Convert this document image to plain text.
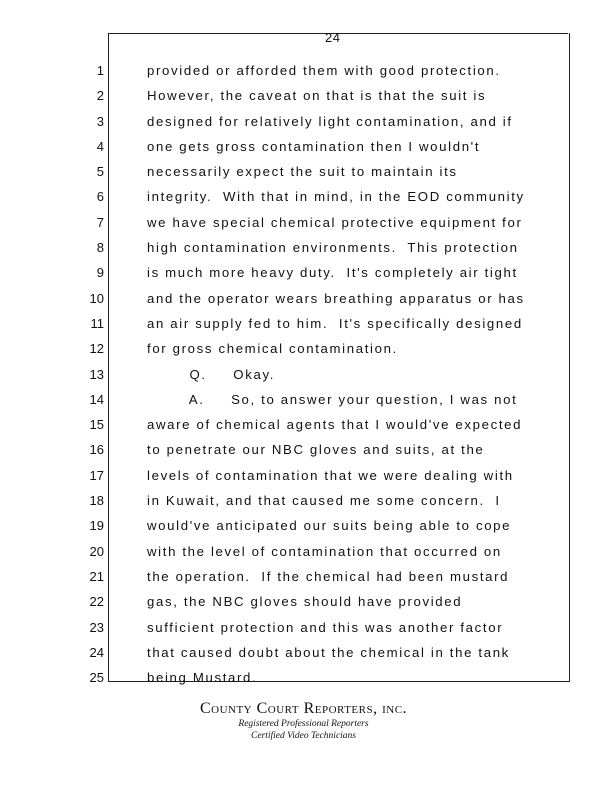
24
1
2
3
4
5
6
7
8
9
10
11
12
13
14
15
16
17
18
19
20
21
22
23
24
25
provided or afforded them with good protection.
However, the caveat on that is that the suit is
designed for relatively light contamination, and if
one gets gross contamination then I wouldn't
necessarily expect the suit to maintain its
integrity.  With that in mind, in the EOD community
we have special chemical protective equipment for
high contamination environments.  This protection
is much more heavy duty.  It's completely air tight
and the operator wears breathing apparatus or has
an air supply fed to him.  It's specifically designed
for gross chemical contamination.
Q.     Okay.
A.     So, to answer your question, I was not
aware of chemical agents that I would've expected
to penetrate our NBC gloves and suits, at the
levels of contamination that we were dealing with
in Kuwait, and that caused me some concern.  I
would've anticipated our suits being able to cope
with the level of contamination that occurred on
the operation.  If the chemical had been mustard
gas, the NBC gloves should have provided
sufficient protection and this was another factor
that caused doubt about the chemical in the tank
being Mustard.
County Court Reporters, inc.
Registered Professional Reporters
Certified Video Technicians
